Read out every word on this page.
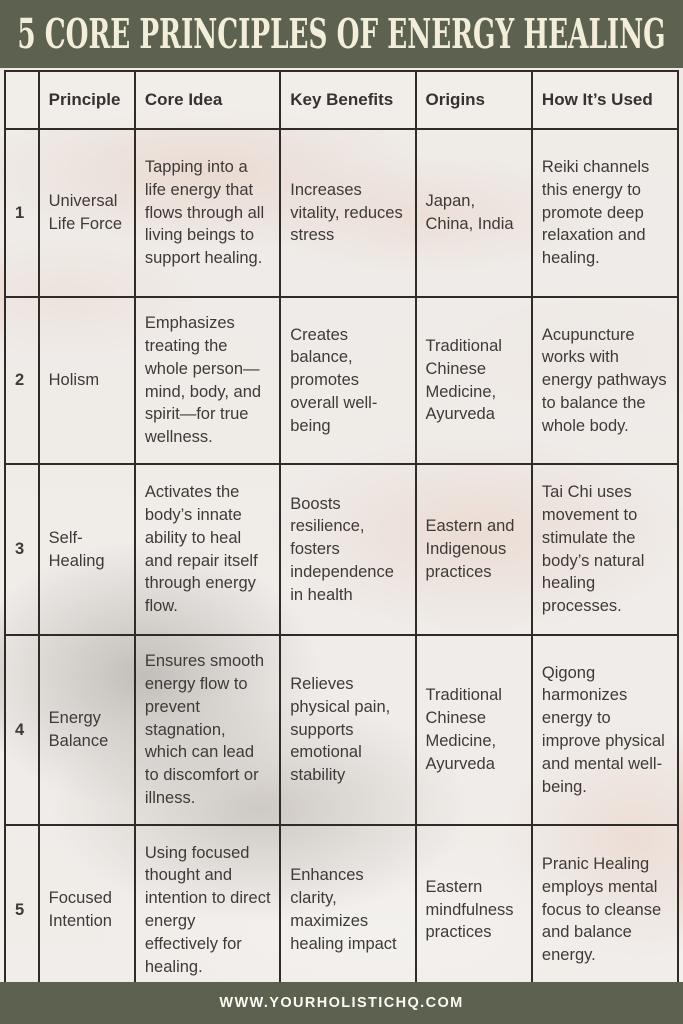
5 CORE PRINCIPLES OF ENERGY HEALING
	Principle	Core Idea	Key Benefits	Origins	How It’s Used
1	Universal Life Force	Tapping into a life energy that flows through all living beings to support healing.	Increases vitality, reduces stress	Japan, China, India	Reiki channels this energy to promote deep relaxation and healing.
2	Holism	Emphasizes treating the whole person—mind, body, and spirit—for true wellness.	Creates balance, promotes overall well-being	Traditional Chinese Medicine, Ayurveda	Acupuncture works with energy pathways to balance the whole body.
3	Self-Healing	Activates the body’s innate ability to heal and repair itself through energy flow.	Boosts resilience, fosters independence in health	Eastern and Indigenous practices	Tai Chi uses movement to stimulate the body’s natural healing processes.
4	Energy Balance	Ensures smooth energy flow to prevent stagnation, which can lead to discomfort or illness.	Relieves physical pain, supports emotional stability	Traditional Chinese Medicine, Ayurveda	Qigong harmonizes energy to improve physical and mental well-being.
5	Focused Intention	Using focused thought and intention to direct energy effectively for healing.	Enhances clarity, maximizes healing impact	Eastern mindfulness practices	Pranic Healing employs mental focus to cleanse and balance energy.
WWW.YOURHOLISTICHQ.COM
